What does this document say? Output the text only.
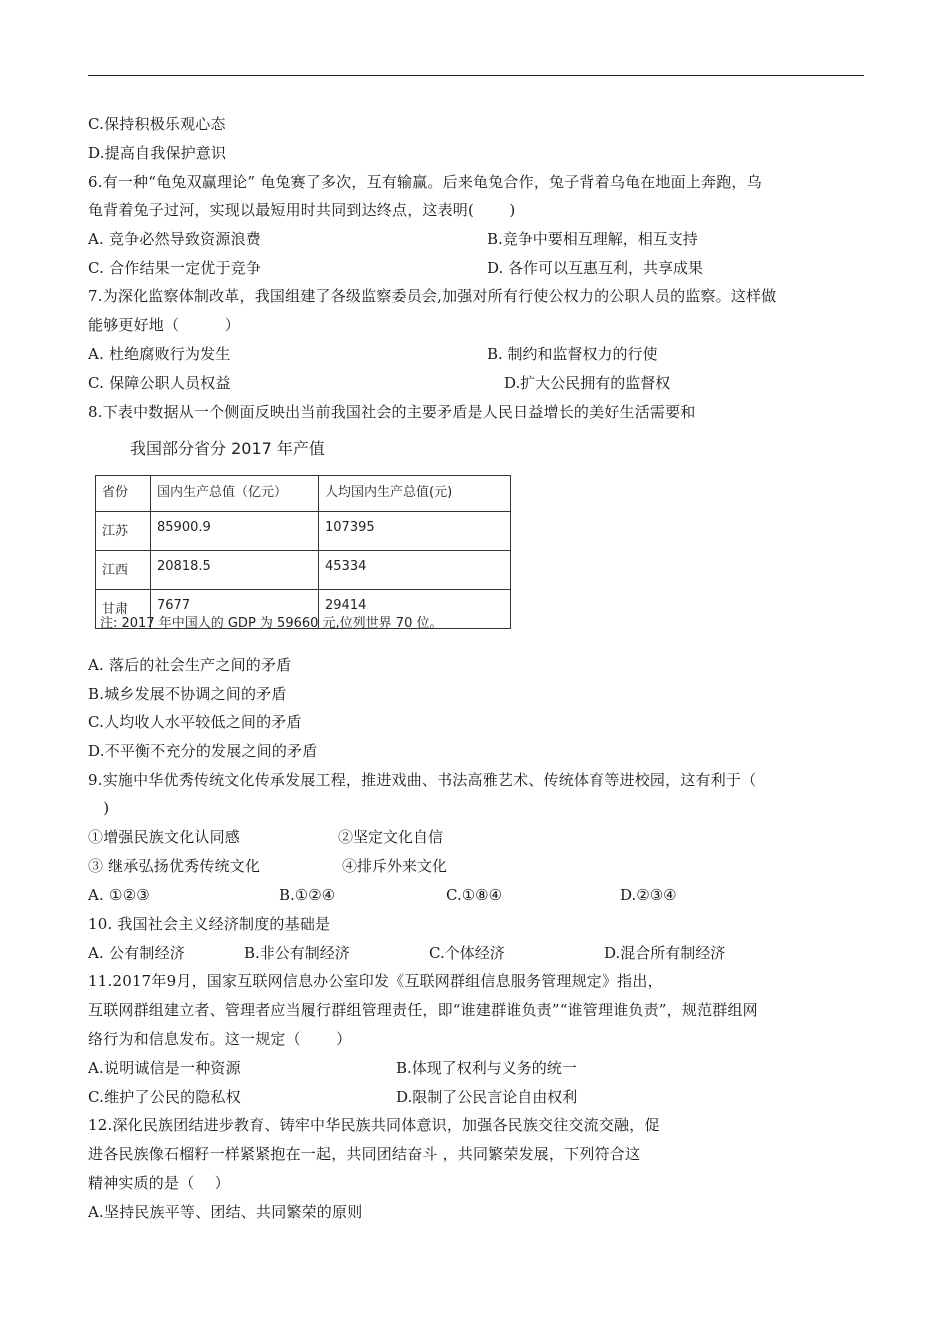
C.保持积极乐观心态
D.提高自我保护意识
6.有一种“龟兔双赢理论” 龟兔赛了多次，互有输赢。后来龟兔合作，兔子背着乌龟在地面上奔跑，乌
龟背着兔子过河，实现以最短用时共同到达终点，这表明(　　 )
A. 竞争必然导致资源浪费	B.竞争中要相互理解，相互支持
C. 合作结果一定优于竞争	D. 各作可以互惠互利，共享成果
7.为深化监察体制改革，我国组建了各级监察委员会,加强对所有行使公权力的公职人员的监察。这样做
能够更好地（　　　）
A. 杜绝腐败行为发生	B. 制约和监督权力的行使
C. 保障公职人员权益	D.扩大公民拥有的监督权
8.下表中数据从一个侧面反映出当前我国社会的主要矛盾是人民日益增长的美好生活需要和
我国部分省分 2017 年产值
省份	国内生产总值（亿元）	人均国内生产总值(元)
江苏	85900.9	107395
江西	20818.5	45334
甘肃	7677	29414
注: 2017 年中国人的 GDP 为 59660 元,位列世界 70 位。
A. 落后的社会生产之间的矛盾
B.城乡发展不协调之间的矛盾
C.人均收人水平较低之间的矛盾
D.不平衡不充分的发展之间的矛盾
9.实施中华优秀传统文化传承发展工程，推进戏曲、书法高雅艺术、传统体育等进校园，这有利于（
　)
①增强民族文化认同感	②坚定文化自信
③ 继承弘扬优秀传统文化	④排斥外来文化
A. ①②③	B.①②④	C.①⑧④	D.②③④
10. 我国社会主义经济制度的基础是
A. 公有制经济	B.非公有制经济	C.个体经济	D.混合所有制经济
11.2017年9月，国家互联网信息办公室印发《互联网群组信息服务管理规定》指出，
互联网群组建立者、管理者应当履行群组管理责任，即“谁建群谁负责”“谁管理谁负责”，规范群组网
络行为和信息发布。这一规定（　　 ）
A.说明诚信是一种资源	B.体现了权利与义务的统一
C.维护了公民的隐私权	D.限制了公民言论自由权利
12.深化民族团结进步教育、铸牢中华民族共同体意识，加强各民族交往交流交融，促
进各民族像石榴籽一样紧紧抱在一起，共同团结奋斗 ，共同繁荣发展，下列符合这
精神实质的是（　 ）
A.坚持民族平等、团结、共同繁荣的原则
